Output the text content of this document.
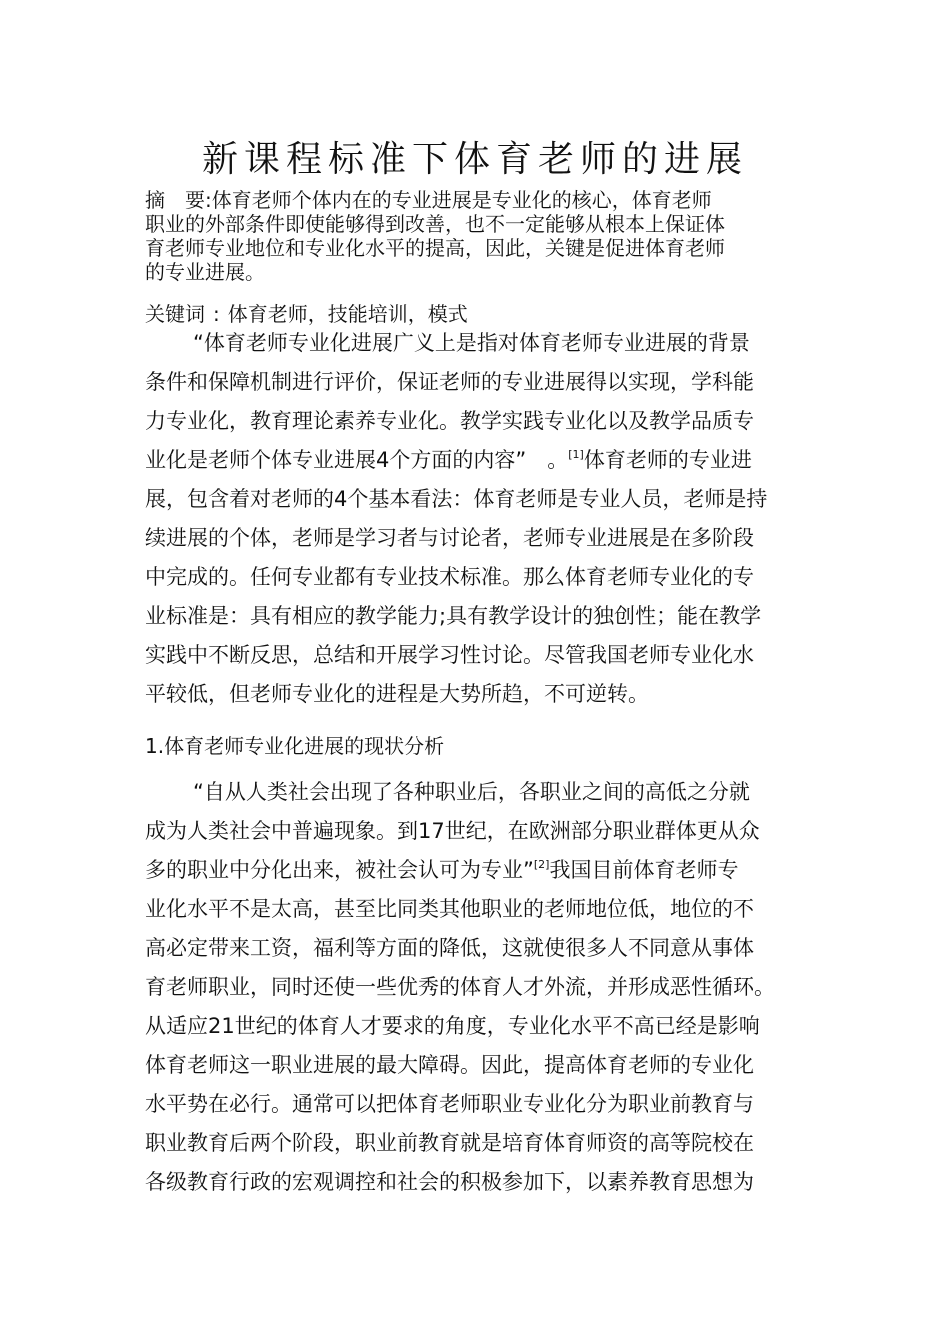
新课程标准下体育老师的进展
摘　要:体育老师个体内在的专业进展是专业化的核心，体育老师
职业的外部条件即使能够得到改善，也不一定能够从根本上保证体
育老师专业地位和专业化水平的提高，因此，关键是促进体育老师
的专业进展。
关键词 : 体育老师，技能培训，模式
“体育老师专业化进展广义上是指对体育老师专业进展的背景
条件和保障机制进行评价，保证老师的专业进展得以实现，学科能
力专业化，教育理论素养专业化。教学实践专业化以及教学品质专
业化是老师个体专业进展4个方面的内容”　。[1]体育老师的专业进
展，包含着对老师的4个基本看法：体育老师是专业人员，老师是持
续进展的个体，老师是学习者与讨论者，老师专业进展是在多阶段
中完成的。任何专业都有专业技术标准。那么体育老师专业化的专
业标准是：具有相应的教学能力;具有教学设计的独创性；能在教学
实践中不断反思，总结和开展学习性讨论。尽管我国老师专业化水
平较低，但老师专业化的进程是大势所趋，不可逆转。
1.体育老师专业化进展的现状分析
“自从人类社会出现了各种职业后，各职业之间的高低之分就
成为人类社会中普遍现象。到17世纪，在欧洲部分职业群体更从众
多的职业中分化出来，被社会认可为专业”[2]我国目前体育老师专
业化水平不是太高，甚至比同类其他职业的老师地位低，地位的不
高必定带来工资，福利等方面的降低，这就使很多人不同意从事体
育老师职业，同时还使一些优秀的体育人才外流，并形成恶性循环。
从适应21世纪的体育人才要求的角度，专业化水平不高已经是影响
体育老师这一职业进展的最大障碍。因此，提高体育老师的专业化
水平势在必行。通常可以把体育老师职业专业化分为职业前教育与
职业教育后两个阶段，职业前教育就是培育体育师资的高等院校在
各级教育行政的宏观调控和社会的积极参加下，以素养教育思想为
